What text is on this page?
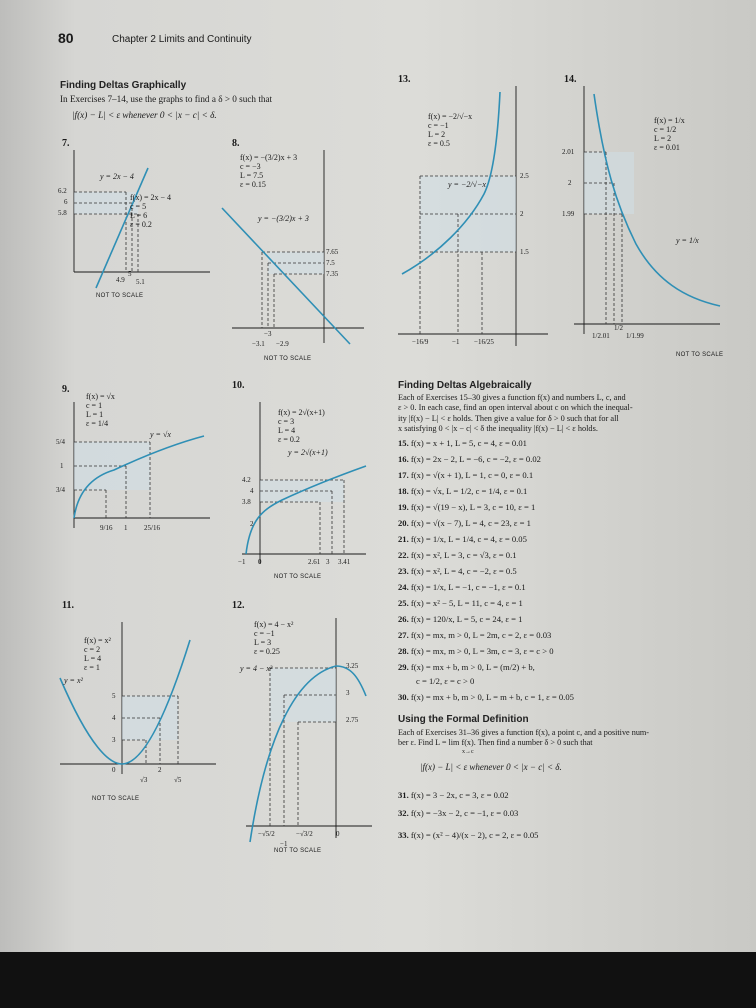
80	Chapter 2 Limits and Continuity
Finding Deltas Graphically
In Exercises 7–14, use the graphs to find a δ > 0 such that
|f(x) − L| < ε whenever 0 < |x − c| < δ.
7.
y = 2x − 4
f(x) = 2x − 4
c = 5
L = 6
ε = 0.2
6.2
6
5.8
4.9
5
5.1
NOT TO SCALE
8.
f(x) = −(3/2)x + 3
c = −3
L = 7.5
ε = 0.15
y = −(3/2)x + 3
7.65
7.5
7.35
−3.1
−3
−2.9
NOT TO SCALE
13.
f(x) = −2/√−x
c = −1
L = 2
ε = 0.5
y = −2/√−x
2.5
2
1.5
−16/9	−1 −16/25
14.
f(x) = 1/x
c = 1/2
L = 2
ε = 0.01
y = 1/x
2.01
2
1.99
1/2.01
1/2
1/1.99
NOT TO SCALE
9.
f(x) = √x
c = 1
L = 1
ε = 1/4
y = √x
5/4
1
3/4
9/16 1 25/16
10.
f(x) = 2√(x+1)
c = 3
L = 4
ε = 0.2
y = 2√(x+1)
4.2
4
3.8
2
−1 0	2.61 3 3.41
NOT TO SCALE
11.
f(x) = x²
c = 2
L = 4
ε = 1
y = x²
5
4
3
0
√3
2
√5
NOT TO SCALE
12.
f(x) = 4 − x²
c = −1
L = 3
ε = 0.25
y = 4 − x²	3.25
3
2.75
−√5/2
−1
−√3/2	0
NOT TO SCALE
Finding Deltas Algebraically
Each of Exercises 15–30 gives a function f(x) and numbers L, c, and
ε > 0. In each case, find an open interval about c on which the inequal-
ity |f(x) − L| < ε holds. Then give a value for δ > 0 such that for all
x satisfying 0 < |x − c| < δ the inequality |f(x) − L| < ε holds.
15. f(x) = x + 1, L = 5, c = 4, ε = 0.01
16. f(x) = 2x − 2, L = −6, c = −2, ε = 0.02
17. f(x) = √(x + 1), L = 1, c = 0, ε = 0.1
18. f(x) = √x, L = 1/2, c = 1/4, ε = 0.1
19. f(x) = √(19 − x), L = 3, c = 10, ε = 1
20. f(x) = √(x − 7), L = 4, c = 23, ε = 1
21. f(x) = 1/x, L = 1/4, c = 4, ε = 0.05
22. f(x) = x², L = 3, c = √3, ε = 0.1
23. f(x) = x², L = 4, c = −2, ε = 0.5
24. f(x) = 1/x, L = −1, c = −1, ε = 0.1
25. f(x) = x² − 5, L = 11, c = 4, ε = 1
26. f(x) = 120/x, L = 5, c = 24, ε = 1
27. f(x) = mx, m > 0, L = 2m, c = 2, ε = 0.03
28. f(x) = mx, m > 0, L = 3m, c = 3, ε = c > 0
29. f(x) = mx + b, m > 0, L = (m/2) + b,
c = 1/2, ε = c > 0
30. f(x) = mx + b, m > 0, L = m + b, c = 1, ε = 0.05
Using the Formal Definition
Each of Exercises 31–36 gives a function f(x), a point c, and a positive num-
ber ε. Find L = lim f(x). Then find a number δ > 0 such that
x→c
|f(x) − L| < ε whenever 0 < |x − c| < δ.
31. f(x) = 3 − 2x, c = 3, ε = 0.02
32. f(x) = −3x − 2, c = −1, ε = 0.03
33. f(x) = (x² − 4)/(x − 2), c = 2, ε = 0.05
